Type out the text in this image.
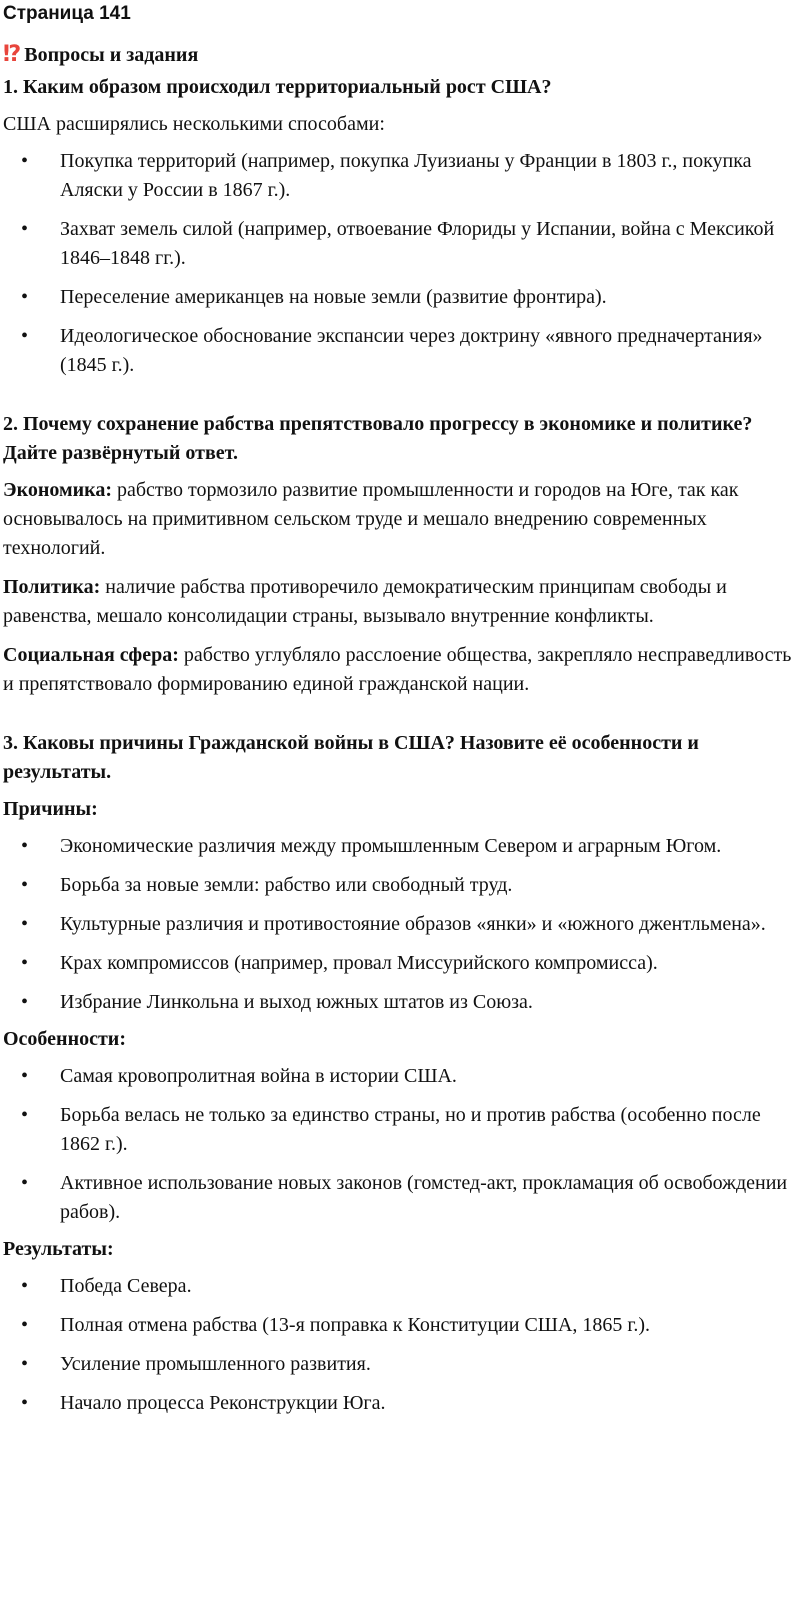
Страница 141
⁉ Вопросы и задания
1. Каким образом происходил территориальный рост США?

США расширялись несколькими способами:

• Покупка территорий (например, покупка Луизианы у Франции в 1803 г., покупка Аляски у России в 1867 г.).
• Захват земель силой (например, отвоевание Флориды у Испании, война с Мексикой 1846–1848 гг.).
• Переселение американцев на новые земли (развитие фронтира).
• Идеологическое обоснование экспансии через доктрину «явного предначертания» (1845 г.).
2. Почему сохранение рабства препятствовало прогрессу в экономике и политике? Дайте развёрнутый ответ.

Экономика: рабство тормозило развитие промышленности и городов на Юге, так как основывалось на примитивном сельском труде и мешало внедрению современных технологий.

Политика: наличие рабства противоречило демократическим принципам свободы и равенства, мешало консолидации страны, вызывало внутренние конфликты.

Социальная сфера: рабство углубляло расслоение общества, закрепляло несправедливость и препятствовало формированию единой гражданской нации.

3. Каковы причины Гражданской войны в США? Назовите её особенности и результаты.

Причины:

• Экономические различия между промышленным Севером и аграрным Югом.
• Борьба за новые земли: рабство или свободный труд.
• Культурные различия и противостояние образов «янки» и «южного джентльмена».
• Крах компромиссов (например, провал Миссурийского компромисса).
• Избрание Линкольна и выход южных штатов из Союза.

Особенности:

• Самая кровопролитная война в истории США.
• Борьба велась не только за единство страны, но и против рабства (особенно после 1862 г.).
• Активное использование новых законов (гомстед-акт, прокламация об освобождении рабов).

Результаты:

• Победа Севера.
• Полная отмена рабства (13-я поправка к Конституции США, 1865 г.).
• Усиление промышленного развития.
• Начало процесса Реконструкции Юга.
